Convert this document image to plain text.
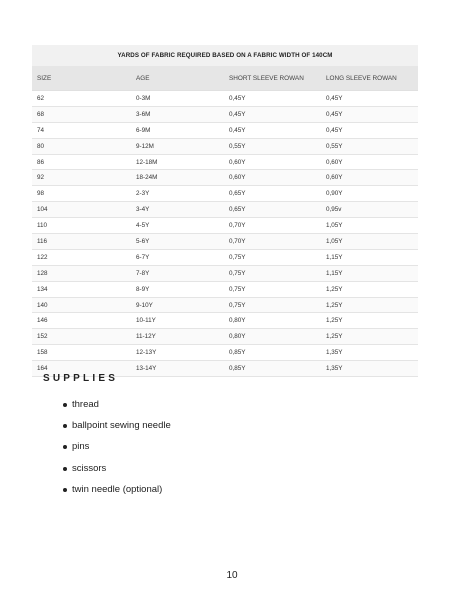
YARDS OF FABRIC REQUIRED BASED ON A FABRIC WIDTH OF 140CM			
SIZE	AGE	SHORT SLEEVE ROWAN	LONG SLEEVE ROWAN
62	0-3M	0,45Y	0,45Y
68	3-6M	0,45Y	0,45Y
74	6-9M	0,45Y	0,45Y
80	9-12M	0,55Y	0,55Y
86	12-18M	0,60Y	0,60Y
92	18-24M	0,60Y	0,60Y
98	2-3Y	0,65Y	0,90Y
104	3-4Y	0,65Y	0,95v
110	4-5Y	0,70Y	1,05Y
116	5-6Y	0,70Y	1,05Y
122	6-7Y	0,75Y	1,15Y
128	7-8Y	0,75Y	1,15Y
134	8-9Y	0,75Y	1,25Y
140	9-10Y	0,75Y	1,25Y
146	10-11Y	0,80Y	1,25Y
152	11-12Y	0,80Y	1,25Y
158	12-13Y	0,85Y	1,35Y
164	13-14Y	0,85Y	1,35Y
SUPPLIES
thread
ballpoint sewing needle
pins
scissors
twin needle (optional)
10
